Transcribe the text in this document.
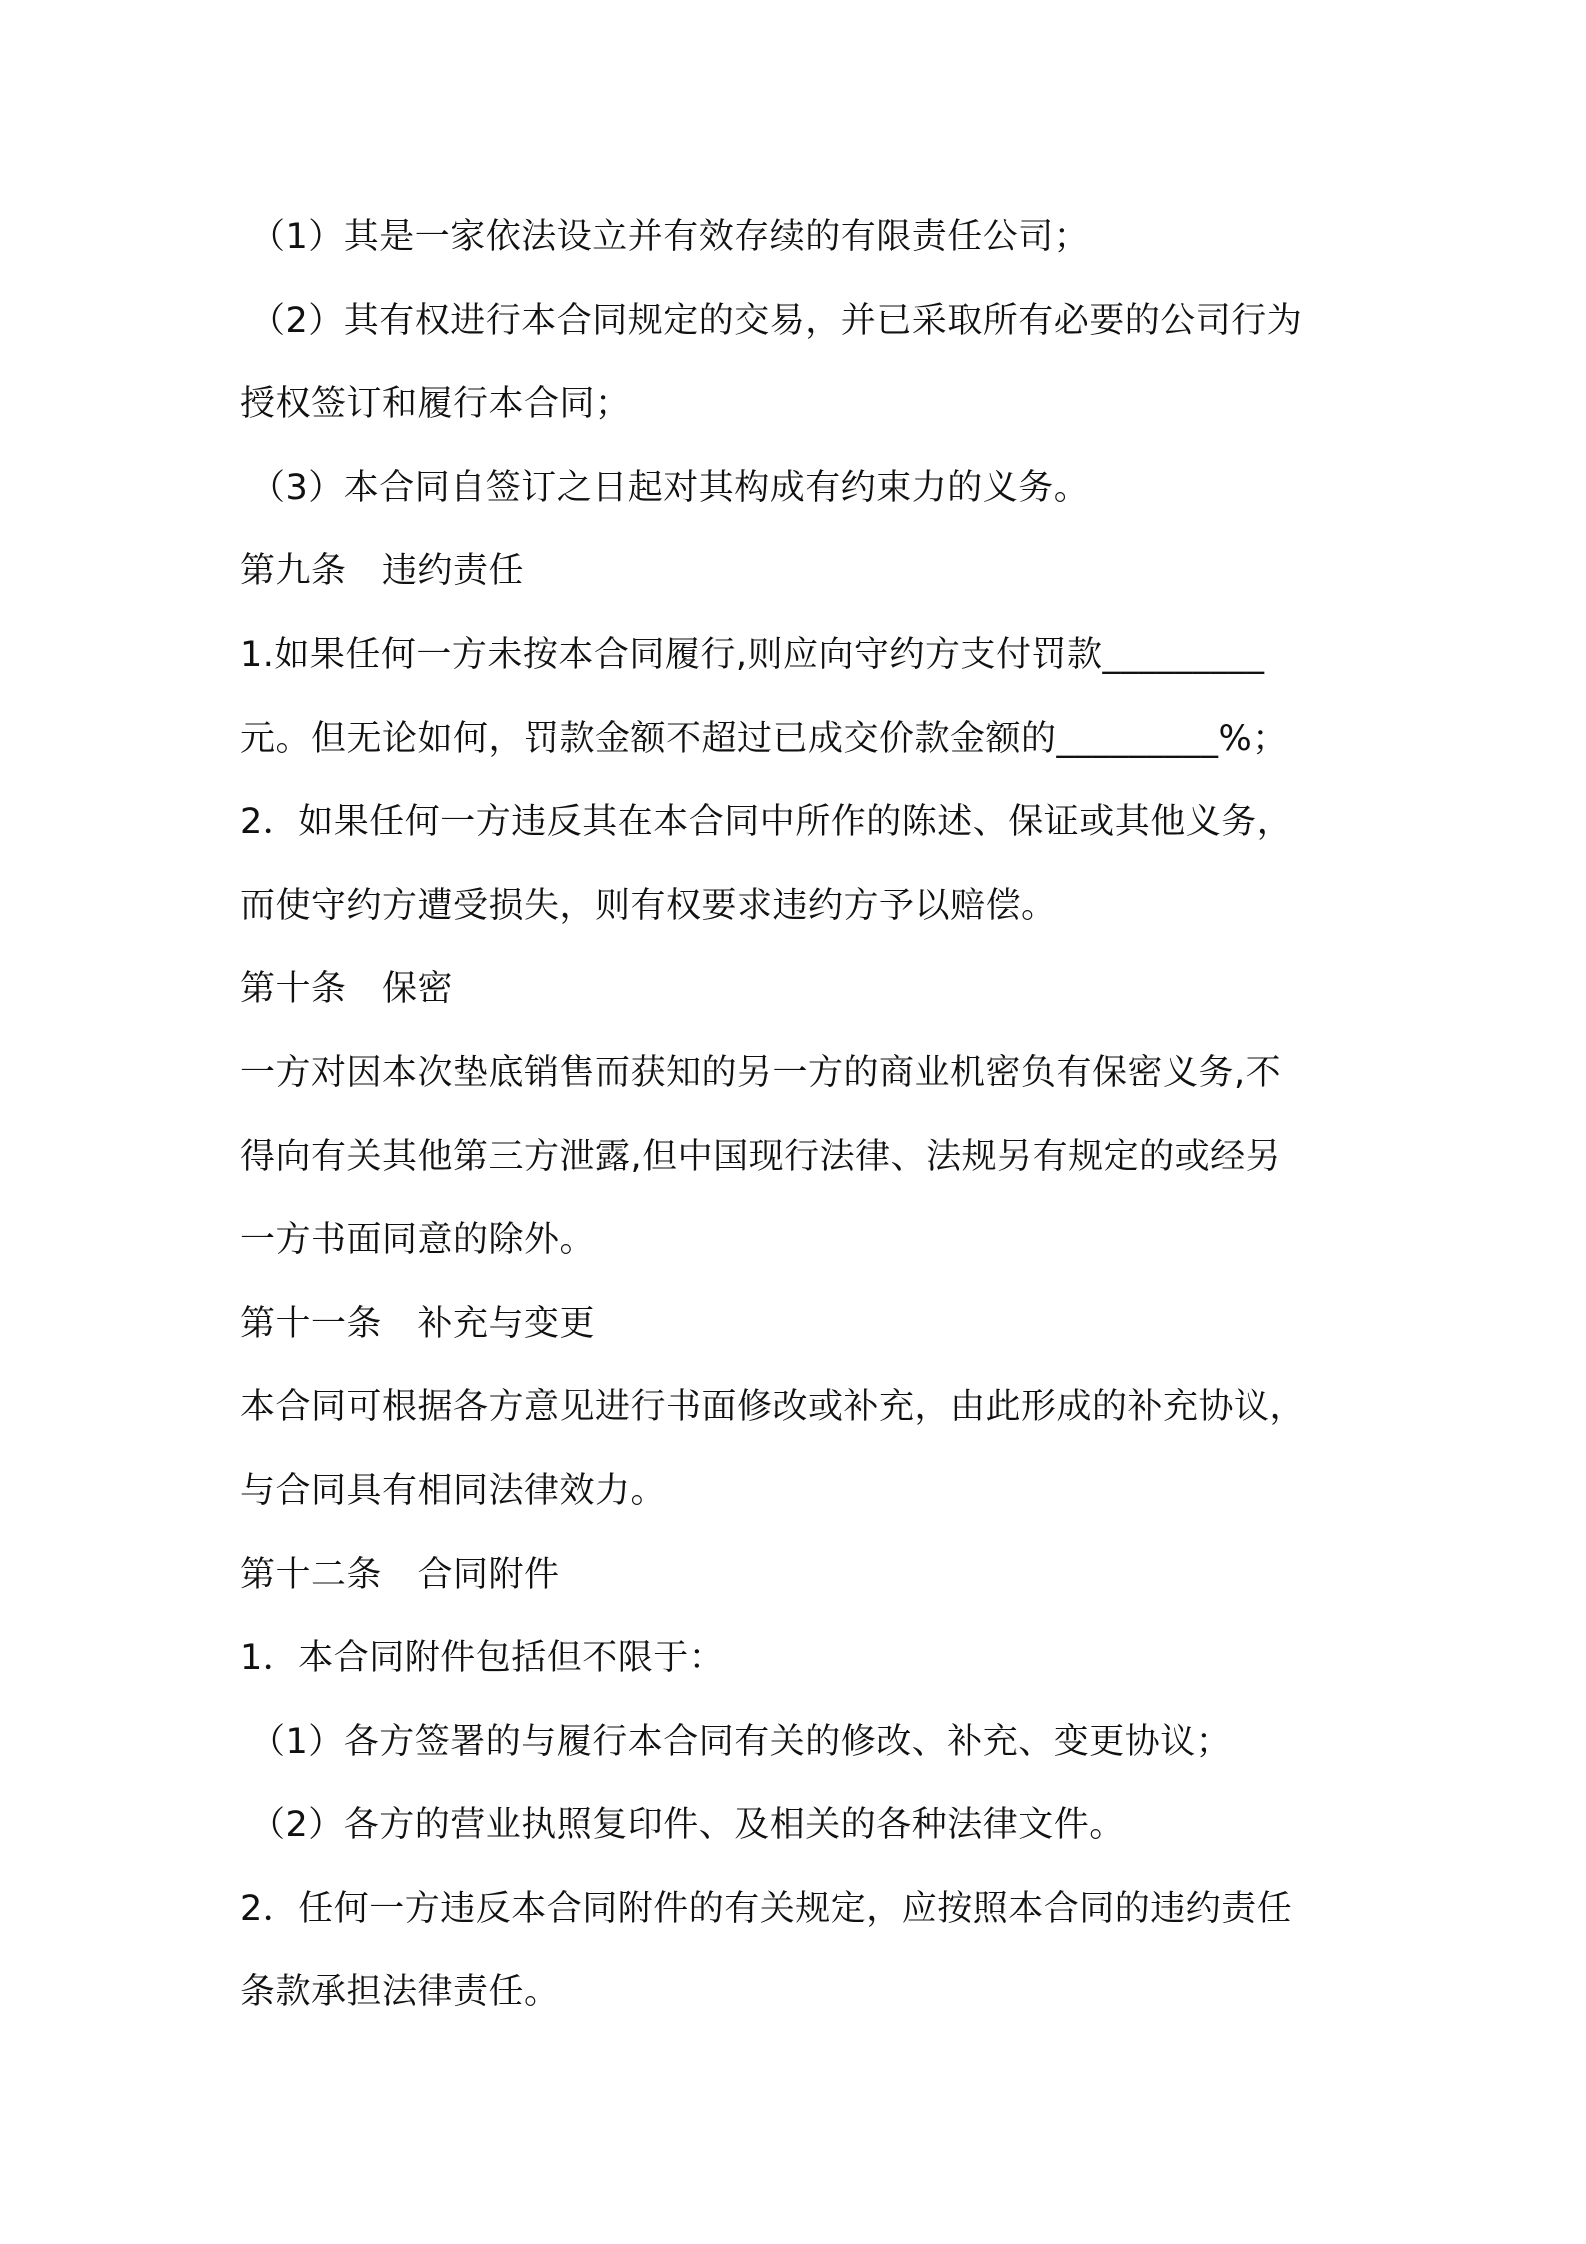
（1）其是一家依法设立并有效存续的有限责任公司；
（2）其有权进行本合同规定的交易，并已采取所有必要的公司行为
授权签订和履行本合同；
（3）本合同自签订之日起对其构成有约束力的义务。
第九条　违约责任
1.如果任何一方未按本合同履行,则应向守约方支付罚款_________
元。但无论如何，罚款金额不超过已成交价款金额的_________%；
2．如果任何一方违反其在本合同中所作的陈述、保证或其他义务，
而使守约方遭受损失，则有权要求违约方予以赔偿。
第十条　保密
一方对因本次垫底销售而获知的另一方的商业机密负有保密义务,不
得向有关其他第三方泄露,但中国现行法律、法规另有规定的或经另
一方书面同意的除外。
第十一条　补充与变更
本合同可根据各方意见进行书面修改或补充，由此形成的补充协议，
与合同具有相同法律效力。
第十二条　合同附件
1．本合同附件包括但不限于：
（1）各方签署的与履行本合同有关的修改、补充、变更协议；
（2）各方的营业执照复印件、及相关的各种法律文件。
2．任何一方违反本合同附件的有关规定，应按照本合同的违约责任
条款承担法律责任。
